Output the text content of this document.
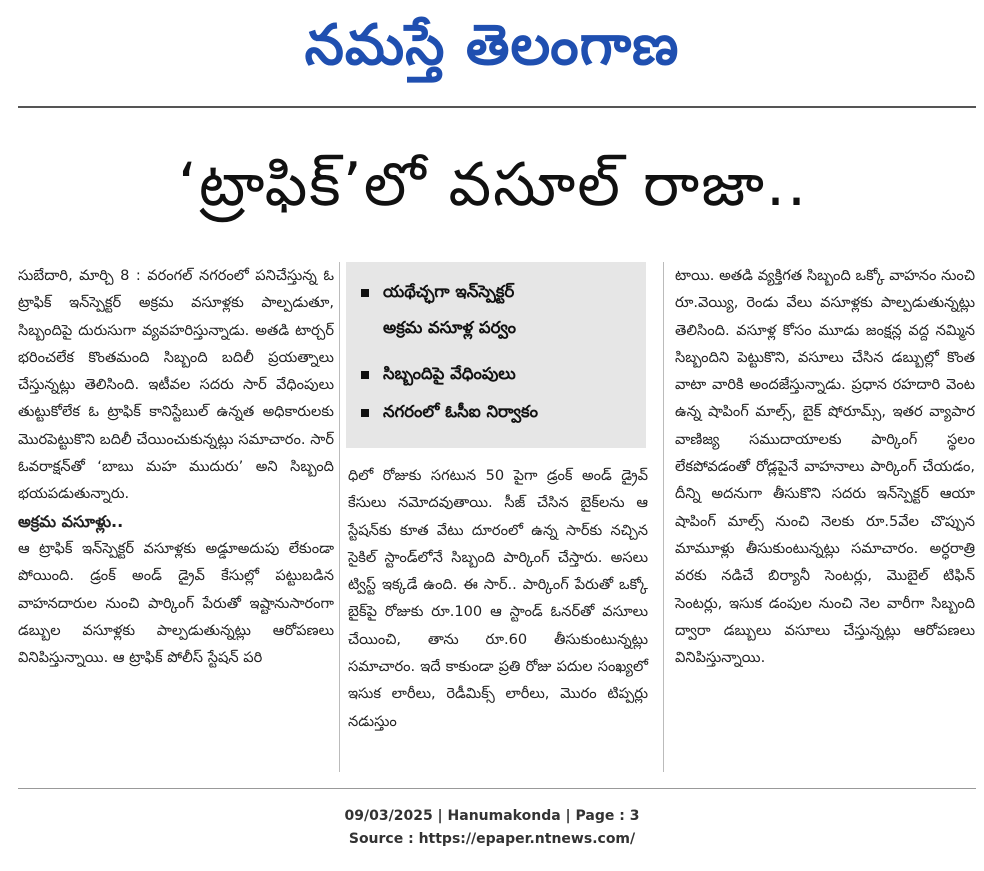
నమస్తే తెలంగాణ
‘ట్రాఫిక్’లో వసూల్ రాజా..

సుబేదారి, మార్చి 8 : వరంగల్ నగరంలో పనిచేస్తున్న ఓ ట్రాఫిక్ ఇన్‌స్పెక్టర్ అక్రమ వసూళ్లకు పాల్పడుతూ, సిబ్బందిపై దురుసుగా వ్యవహరిస్తున్నాడు. అతడి టార్చర్ భరించలేక కొంతమంది సిబ్బంది బదిలీ ప్రయత్నాలు చేస్తున్నట్లు తెలిసింది. ఇటీవల సదరు సార్ వేధింపులు తుట్టుకోలేక ఓ ట్రాఫిక్ కానిస్టేబుల్ ఉన్నత అధికారులకు మొరపెట్టుకొని బదిలీ చేయించుకున్నట్లు సమాచారం. సార్ ఓవరాక్షన్‌తో ‘బాబు మహ ముదురు’ అని సిబ్బంది భయపడుతున్నారు.

అక్రమ వసూళ్లు..

ఆ ట్రాఫిక్ ఇన్‌స్పెక్టర్ వసూళ్లకు అడ్డూఅదుపు లేకుండా పోయింది. డ్రంక్ అండ్ డ్రైవ్ కేసుల్లో పట్టుబడిన వాహనదారుల నుంచి పార్కింగ్ పేరుతో ఇష్టానుసారంగా డబ్బుల వసూళ్లకు పాల్పడుతున్నట్లు ఆరోపణలు వినిపిస్తున్నాయి. ఆ ట్రాఫిక్ పోలీస్ స్టేషన్ పరి

యథేచ్ఛగా ఇన్‌స్పెక్టర్
అక్రమ వసూళ్ల పర్వం
సిబ్బందిపై వేధింపులు
నగరంలో ఓసీఐ నిర్వాకం

ధిలో రోజుకు సగటున 50 పైగా డ్రంక్ అండ్ డ్రైవ్ కేసులు నమోదవుతాయి. సీజ్ చేసిన బైక్‌లను ఆ స్టేషన్‌కు కూత వేటు దూరంలో ఉన్న సార్‌కు నచ్చిన సైకిల్ స్టాండ్‌లోనే సిబ్బంది పార్కింగ్ చేస్తారు. అసలు ట్విస్ట్ ఇక్కడే ఉంది. ఈ సార్.. పార్కింగ్ పేరుతో ఒక్కో బైక్‌పై రోజుకు రూ.100 ఆ స్టాండ్ ఓనర్‌తో వసూలు చేయించి, తాను రూ.60 తీసుకుంటున్నట్లు సమాచారం. ఇదే కాకుండా ప్రతి రోజు పదుల సంఖ్యలో ఇసుక లారీలు, రెడీమిక్స్ లారీలు, మొరం టిప్పర్లు నడుస్తుం

టాయి. అతడి వ్యక్తిగత సిబ్బంది ఒక్కో వాహనం నుంచి రూ.వెయ్యి, రెండు వేలు వసూళ్లకు పాల్పడుతున్నట్లు తెలిసింది. వసూళ్ల కోసం మూడు జంక్షన్ల వద్ద నమ్మిన సిబ్బందిని పెట్టుకొని, వసూలు చేసిన డబ్బుల్లో కొంత వాటా వారికి అందజేస్తున్నాడు. ప్రధాన రహదారి వెంట ఉన్న షాపింగ్ మాల్స్, బైక్ షోరూమ్స్, ఇతర వ్యాపార వాణిజ్య సముదాయాలకు పార్కింగ్ స్థలం లేకపోవడంతో రోడ్లపైనే వాహనాలు పార్కింగ్ చేయడం, దీన్ని అదనుగా తీసుకొని సదరు ఇన్‌స్పెక్టర్ ఆయా షాపింగ్ మాల్స్ నుంచి నెలకు రూ.5వేల చొప్పున మామూళ్లు తీసుకుంటున్నట్లు సమాచారం. అర్ధరాత్రి వరకు నడిచే బిర్యానీ సెంటర్లు, మొబైల్ టిఫిన్ సెంటర్లు, ఇసుక డంపుల నుంచి నెల వారీగా సిబ్బంది ద్వారా డబ్బులు వసూలు చేస్తున్నట్లు ఆరోపణలు వినిపిస్తున్నాయి.

09/03/2025 | Hanumakonda | Page : 3
Source : https://epaper.ntnews.com/
